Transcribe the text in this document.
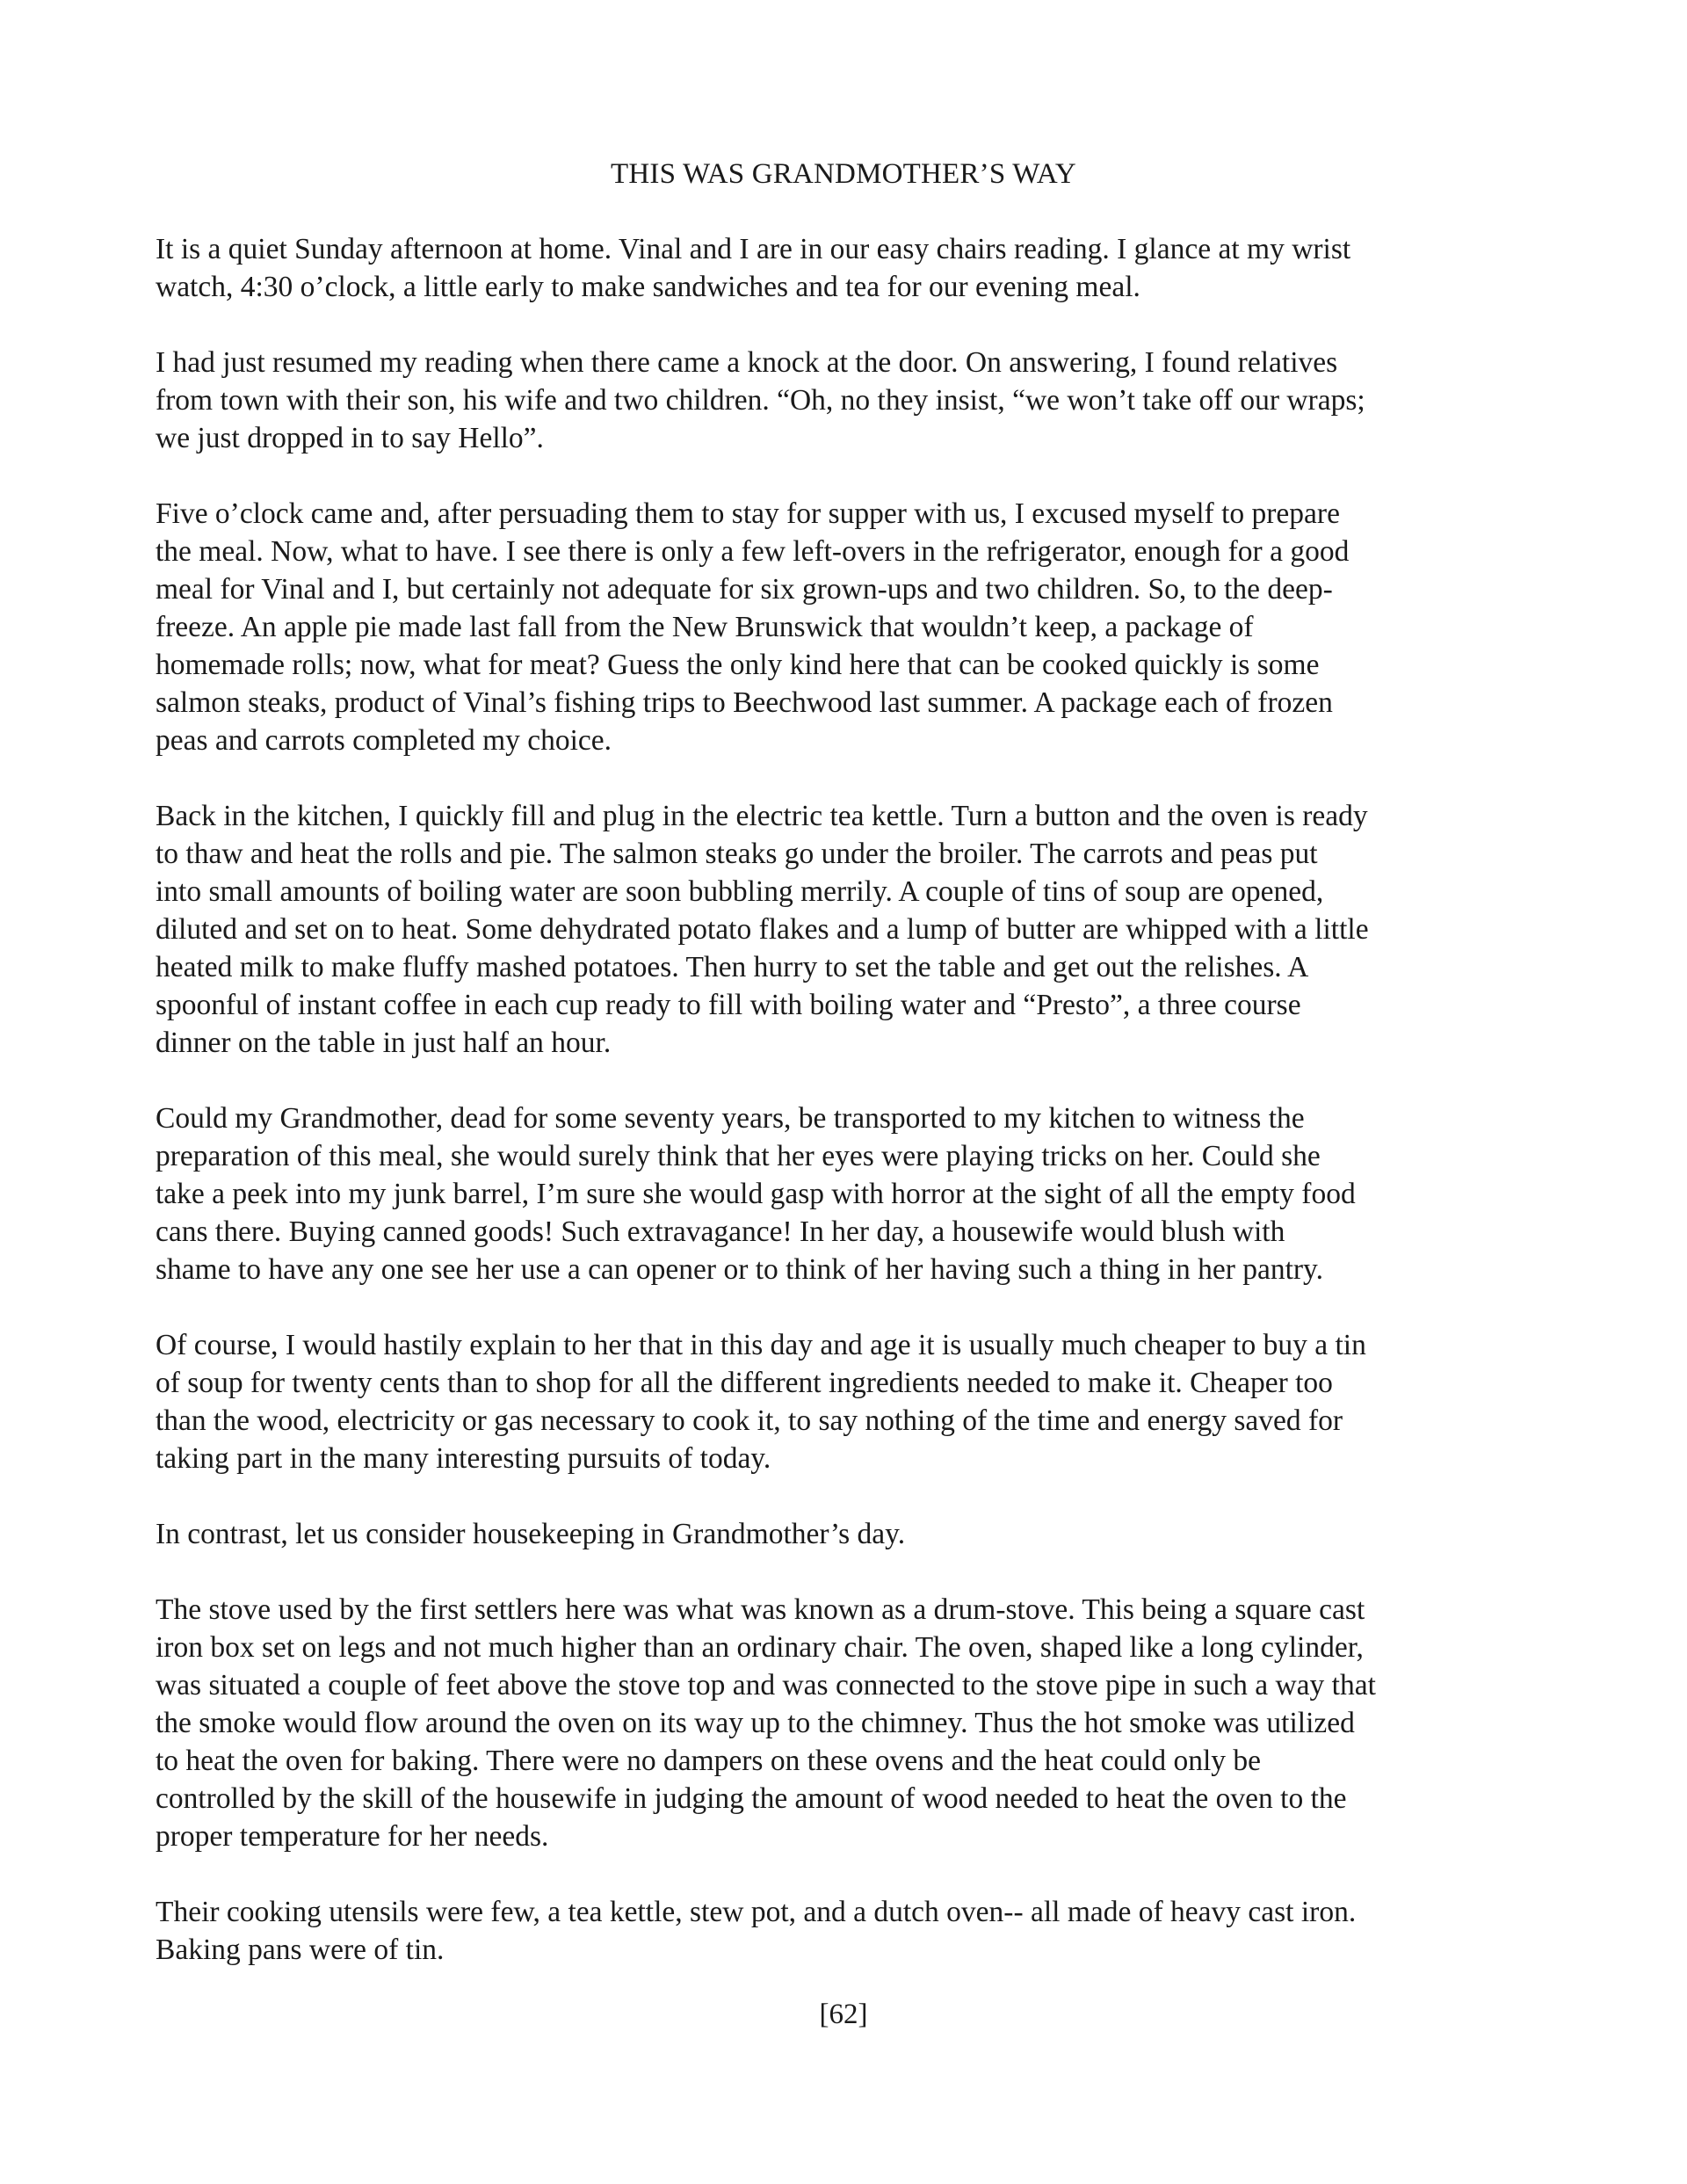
THIS WAS GRANDMOTHER’S WAY
It is a quiet Sunday afternoon at home. Vinal and I are in our easy chairs reading. I glance at my wrist
watch, 4:30 o’clock, a little early to make sandwiches and tea for our evening meal.
I had just resumed my reading when there came a knock at the door. On answering, I found relatives
from town with their son, his wife and two children. “Oh, no they insist, “we won’t take off our wraps;
we just dropped in to say Hello”.
Five o’clock came and, after persuading them to stay for supper with us, I excused myself to prepare
the meal. Now, what to have. I see there is only a few left-overs in the refrigerator, enough for a good
meal for Vinal and I, but certainly not adequate for six grown-ups and two children. So, to the deep-
freeze. An apple pie made last fall from the New Brunswick that wouldn’t keep, a package of
homemade rolls; now, what for meat? Guess the only kind here that can be cooked quickly is some
salmon steaks, product of Vinal’s fishing trips to Beechwood last summer. A package each of frozen
peas and carrots completed my choice.
Back in the kitchen, I quickly fill and plug in the electric tea kettle. Turn a button and the oven is ready
to thaw and heat the rolls and pie. The salmon steaks go under the broiler. The carrots and peas put
into small amounts of boiling water are soon bubbling merrily. A couple of tins of soup are opened,
diluted and set on to heat. Some dehydrated potato flakes and a lump of butter are whipped with a little
heated milk to make fluffy mashed potatoes. Then hurry to set the table and get out the relishes. A
spoonful of instant coffee in each cup ready to fill with boiling water and “Presto”, a three course
dinner on the table in just half an hour.
Could my Grandmother, dead for some seventy years, be transported to my kitchen to witness the
preparation of this meal, she would surely think that her eyes were playing tricks on her. Could she
take a peek into my junk barrel, I’m sure she would gasp with horror at the sight of all the empty food
cans there. Buying canned goods! Such extravagance! In her day, a housewife would blush with
shame to have any one see her use a can opener or to think of her having such a thing in her pantry.
Of course, I would hastily explain to her that in this day and age it is usually much cheaper to buy a tin
of soup for twenty cents than to shop for all the different ingredients needed to make it. Cheaper too
than the wood, electricity or gas necessary to cook it, to say nothing of the time and energy saved for
taking part in the many interesting pursuits of today.
In contrast, let us consider housekeeping in Grandmother’s day.
The stove used by the first settlers here was what was known as a drum-stove. This being a square cast
iron box set on legs and not much higher than an ordinary chair. The oven, shaped like a long cylinder,
was situated a couple of feet above the stove top and was connected to the stove pipe in such a way that
the smoke would flow around the oven on its way up to the chimney. Thus the hot smoke was utilized
to heat the oven for baking. There were no dampers on these ovens and the heat could only be
controlled by the skill of the housewife in judging the amount of wood needed to heat the oven to the
proper temperature for her needs.
Their cooking utensils were few, a tea kettle, stew pot, and a dutch oven-- all made of heavy cast iron.
Baking pans were of tin.
[62]
